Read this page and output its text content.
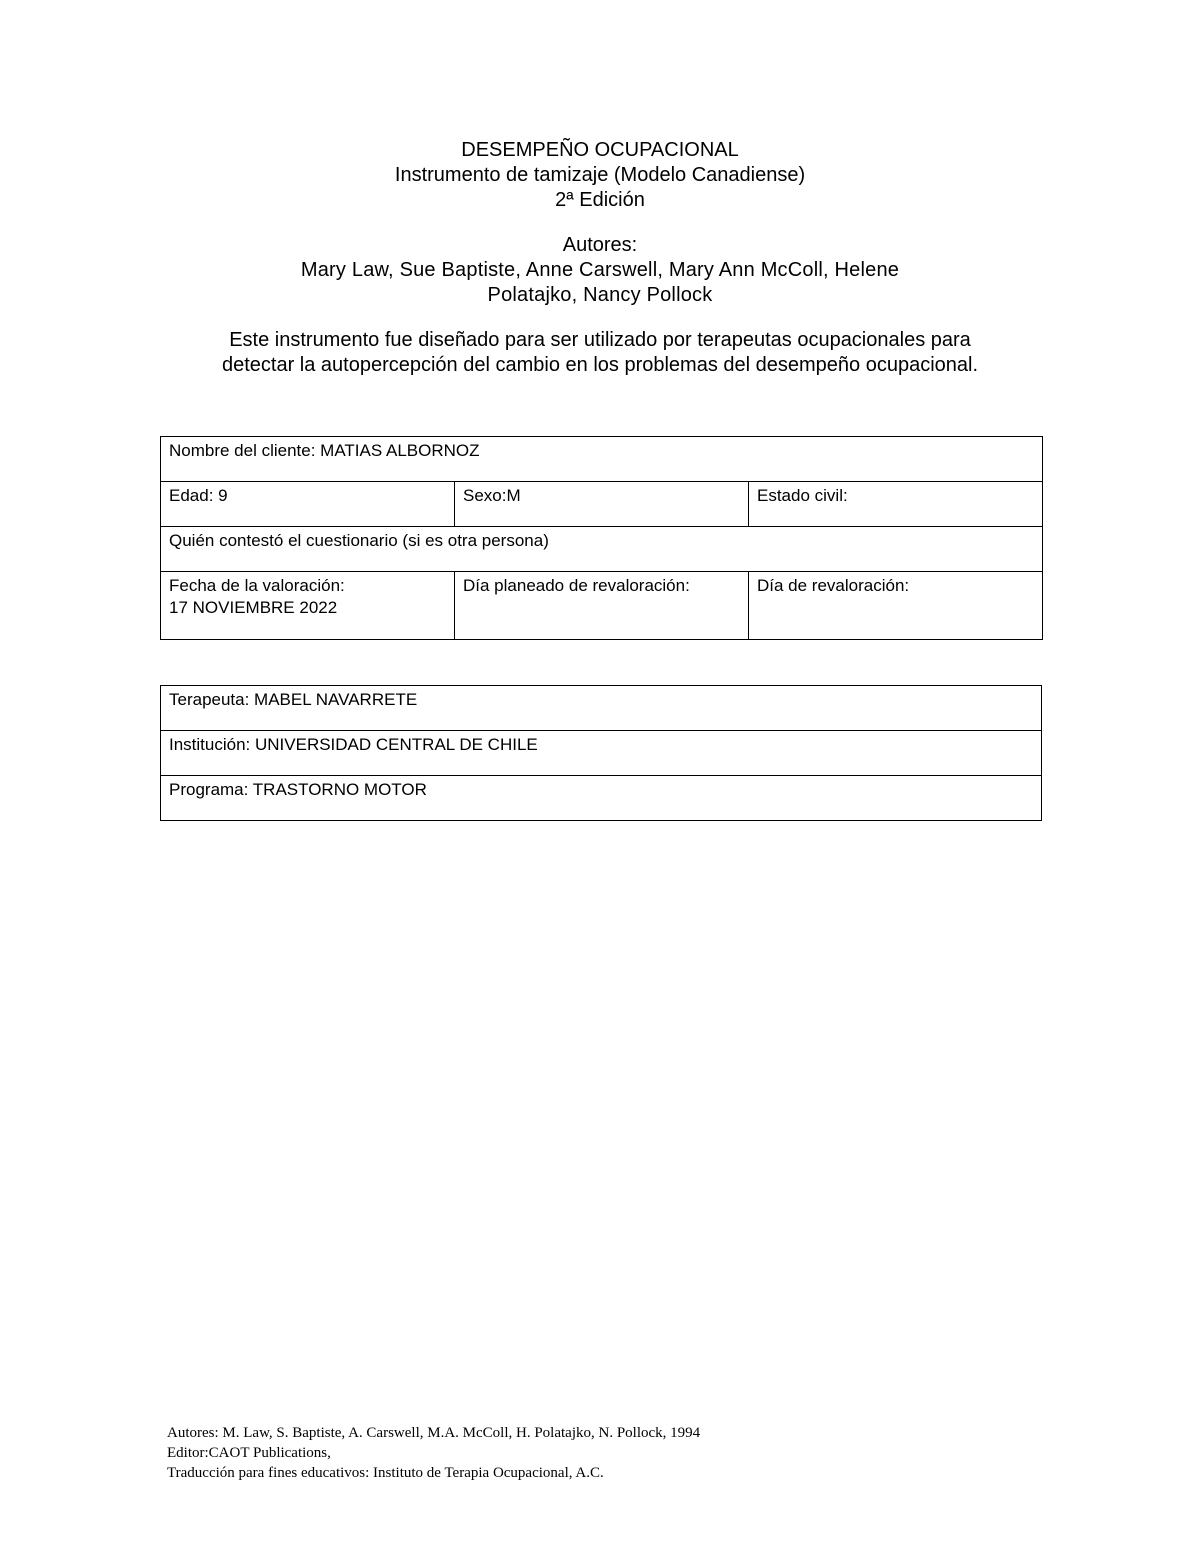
DESEMPEÑO OCUPACIONAL
Instrumento de tamizaje (Modelo Canadiense)
2ª Edición
Autores:
Mary Law, Sue Baptiste, Anne Carswell, Mary Ann McColl, Helene
Polatajko, Nancy Pollock
Este instrumento fue diseñado para ser utilizado por terapeutas ocupacionales para
detectar la autopercepción del cambio en los problemas del desempeño ocupacional.
Nombre del cliente: MATIAS ALBORNOZ		
Edad: 9	Sexo:M	Estado civil:
Quién contestó el cuestionario (si es otra persona)		

Fecha de la valoración:
17 NOVIEMBRE 2022	Día planeado de revaloración:	Día de revaloración:
Terapeuta: MABEL NAVARRETE
Institución: UNIVERSIDAD CENTRAL DE CHILE
Programa: TRASTORNO MOTOR
Autores: M. Law, S. Baptiste, A. Carswell, M.A. McColl, H. Polatajko, N. Pollock, 1994
Editor:CAOT Publications,
Traducción para fines educativos: Instituto de Terapia Ocupacional, A.C.
